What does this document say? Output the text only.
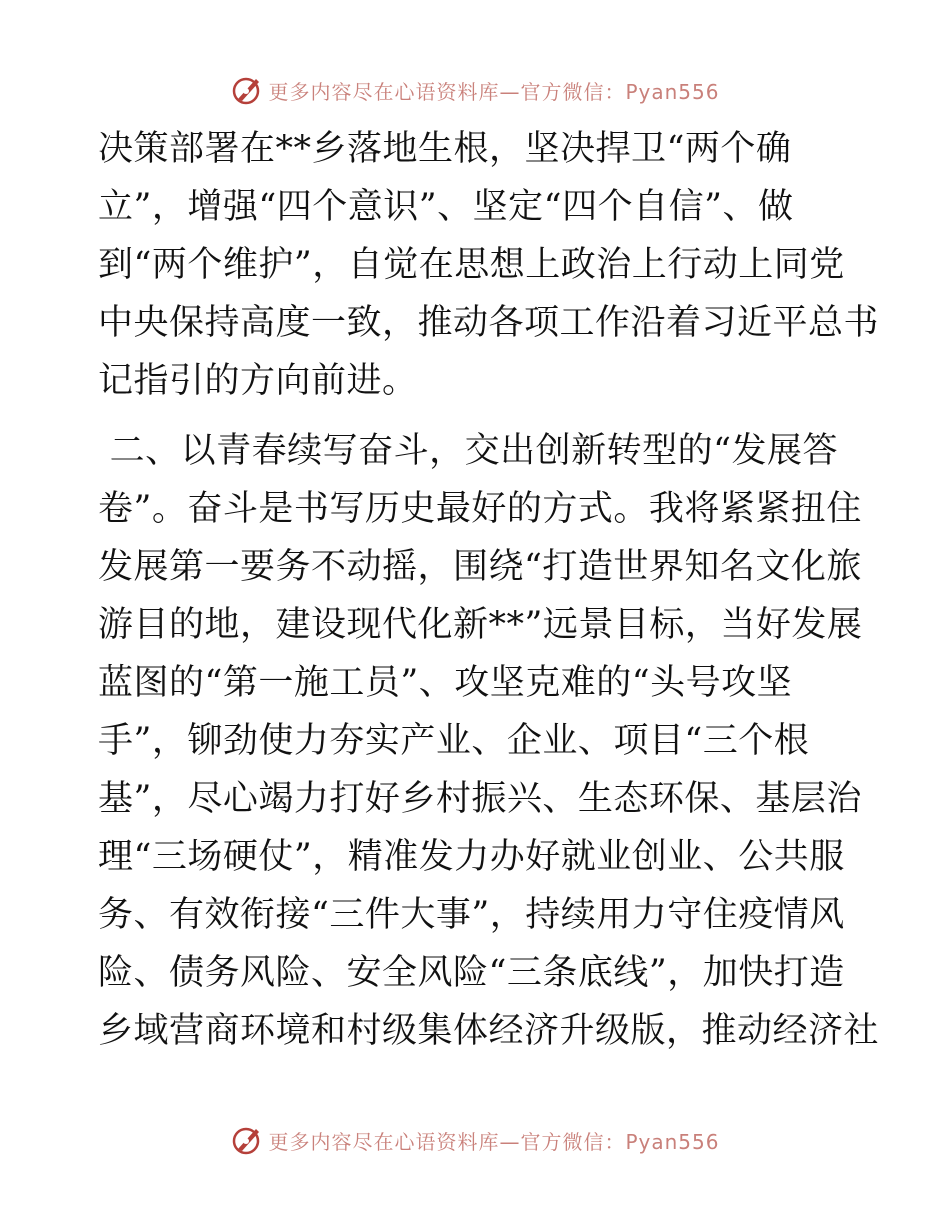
更多内容尽在心语资料库—官方微信：Pyan556

决策部署在**乡落地生根，坚决捍卫“两个确
立”，增强“四个意识”、坚定“四个自信”、做
到“两个维护”，自觉在思想上政治上行动上同党
中央保持高度一致，推动各项工作沿着习近平总书
记指引的方向前进。

二、以青春续写奋斗，交出创新转型的“发展答
卷”。奋斗是书写历史最好的方式。我将紧紧扭住
发展第一要务不动摇，围绕“打造世界知名文化旅
游目的地，建设现代化新**”远景目标，当好发展
蓝图的“第一施工员”、攻坚克难的“头号攻坚
手”，铆劲使力夯实产业、企业、项目“三个根
基”，尽心竭力打好乡村振兴、生态环保、基层治
理“三场硬仗”，精准发力办好就业创业、公共服
务、有效衔接“三件大事”，持续用力守住疫情风
险、债务风险、安全风险“三条底线”，加快打造
乡域营商环境和村级集体经济升级版，推动经济社

更多内容尽在心语资料库—官方微信：Pyan556
